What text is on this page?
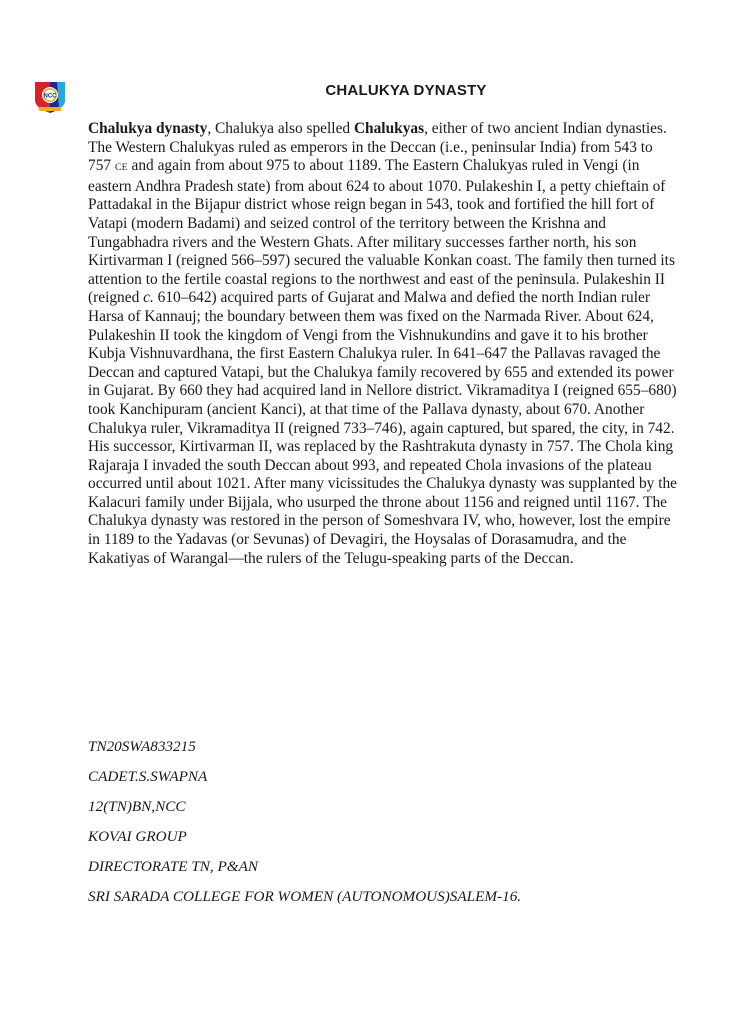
NCC	CHALUKYA DYNASTY

Chalukya dynasty, Chalukya also spelled Chalukyas, either of two ancient Indian dynasties. The Western Chalukyas ruled as emperors in the Deccan (i.e., peninsular India) from 543 to 757 CE and again from about 975 to about 1189. The Eastern Chalukyas ruled in Vengi (in eastern Andhra Pradesh state) from about 624 to about 1070. Pulakeshin I, a petty chieftain of Pattadakal in the Bijapur district whose reign began in 543, took and fortified the hill fort of Vatapi (modern Badami) and seized control of the territory between the Krishna and Tungabhadra rivers and the Western Ghats. After military successes farther north, his son Kirtivarman I (reigned 566–597) secured the valuable Konkan coast. The family then turned its attention to the fertile coastal regions to the northwest and east of the peninsula. Pulakeshin II (reigned c. 610–642) acquired parts of Gujarat and Malwa and defied the north Indian ruler Harsa of Kannauj; the boundary between them was fixed on the Narmada River. About 624, Pulakeshin II took the kingdom of Vengi from the Vishnukundins and gave it to his brother Kubja Vishnuvardhana, the first Eastern Chalukya ruler. In 641–647 the Pallavas ravaged the Deccan and captured Vatapi, but the Chalukya family recovered by 655 and extended its power in Gujarat. By 660 they had acquired land in Nellore district. Vikramaditya I (reigned 655–680) took Kanchipuram (ancient Kanci), at that time of the Pallava dynasty, about 670. Another Chalukya ruler, Vikramaditya II (reigned 733–746), again captured, but spared, the city, in 742. His successor, Kirtivarman II, was replaced by the Rashtrakuta dynasty in 757. The Chola king Rajaraja I invaded the south Deccan about 993, and repeated Chola invasions of the plateau occurred until about 1021. After many vicissitudes the Chalukya dynasty was supplanted by the Kalacuri family under Bijjala, who usurped the throne about 1156 and reigned until 1167. The Chalukya dynasty was restored in the person of Someshvara IV, who, however, lost the empire in 1189 to the Yadavas (or Sevunas) of Devagiri, the Hoysalas of Dorasamudra, and the Kakatiyas of Warangal—the rulers of the Telugu-speaking parts of the Deccan.

TN20SWA833215
CADET.S.SWAPNA
12(TN)BN,NCC
KOVAI GROUP
DIRECTORATE TN, P&AN
SRI SARADA COLLEGE FOR WOMEN (AUTONOMOUS)SALEM-16.
